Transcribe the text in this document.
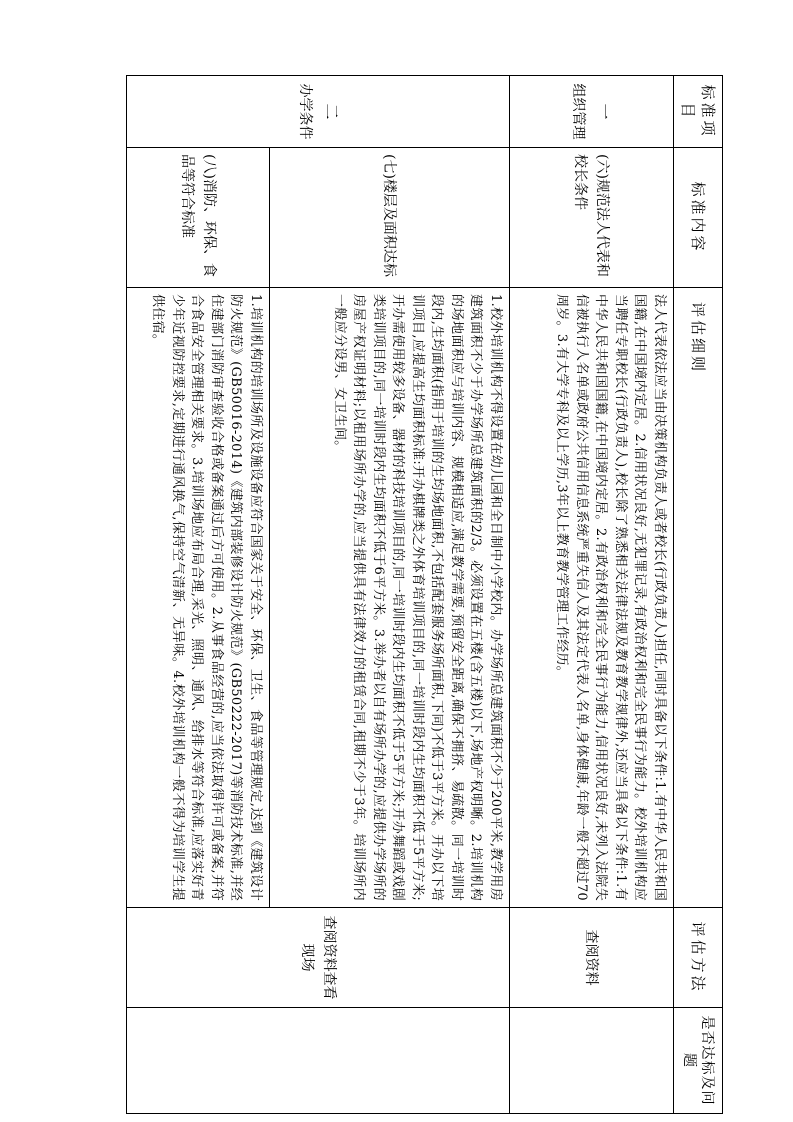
标准项目	标准内容	评估细则	评估方法	是否达标及问题

一
组织管理	(六)规范法人代表和校长条件	法人代表依法应当由决策机构负责人或者校长(行政负责人)担任,同时具备以下条件:1.有中华人民共和国国籍,在中国境内定居。2.信用状况良好,无犯罪记录,有政治权利和完全民事行为能力。校外培训机构应当聘任专职校长(行政负责人),校长除了熟悉相关法律法规及教育教学规律外,还应当具备以下条件:1.有中华人民共和国国籍,在中国境内定居。2.有政治权利和完全民事行为能力,信用状况良好,未列入法院失信被执行人名单或政府公共信用信息系统严重失信人及其法定代表人名单,身体健康,年龄一般不超过70周岁。3.有大学专科及以上学历,3年以上教育教学管理工作经历。	查阅资料	

二
办学条件	(七)楼层及面积达标	1.校外培训机构不得设置在幼儿园和全日制中小学校内。办学场所总建筑面积不少于200平米,教学用房建筑面积不少于办学场所总建筑面积的2/3。必须设置在五楼(含五楼)以下,场地产权明晰。2.培训机构的场地面积应与培训内容、规模相适应,满足教学需要,预留安全距离,确保不拥挤、易疏散。同一培训时段内,生均面积(指用于培训的生均场地面积,不包括配套服务场所面积,下同)不低于3平方米。开办以下培训项目,应提高生均面积标准:开办棋牌类之外体育培训项目的,同一培训时段内生均面积不低于5平方米;开办需使用较多设备、器材的科技培训项目的,同一培训时段内生均面积不低于5平方米;开办舞蹈或戏剧类培训项目的,同一培训时段内生均面积不低于6平方米。3.举办者以自有场所办学的,应提供办学场所的房屋产权证明材料;以租用场所办学的,应当提供具有法律效力的租赁合同,租期不少于3年。培训场所内一般应分设男、女卫生间。	查阅资料查看现场	
	(八)消防、环保、食品等符合标准	1.培训机构的培训场所及设施设备应符合国家关于安全、环保、卫生、食品等管理规定,达到《建筑设计防火规范》(GB50016-2014)《建筑内部装修设计防火规范》(GB50222-2017)等消防技术标准,并经住建部门消防审查验收合格或备案通过后方可使用。2.从事食品经营的,应当依法取得许可或备案,并符合食品安全管理相关要求。3.培训场地应布局合理,采光、照明、通风、给排水等符合标准,应落实好青少年近视防控要求,定期进行通风换气,保持空气清新、无异味。4.校外培训机构一般不得为培训学生提供住宿。		
